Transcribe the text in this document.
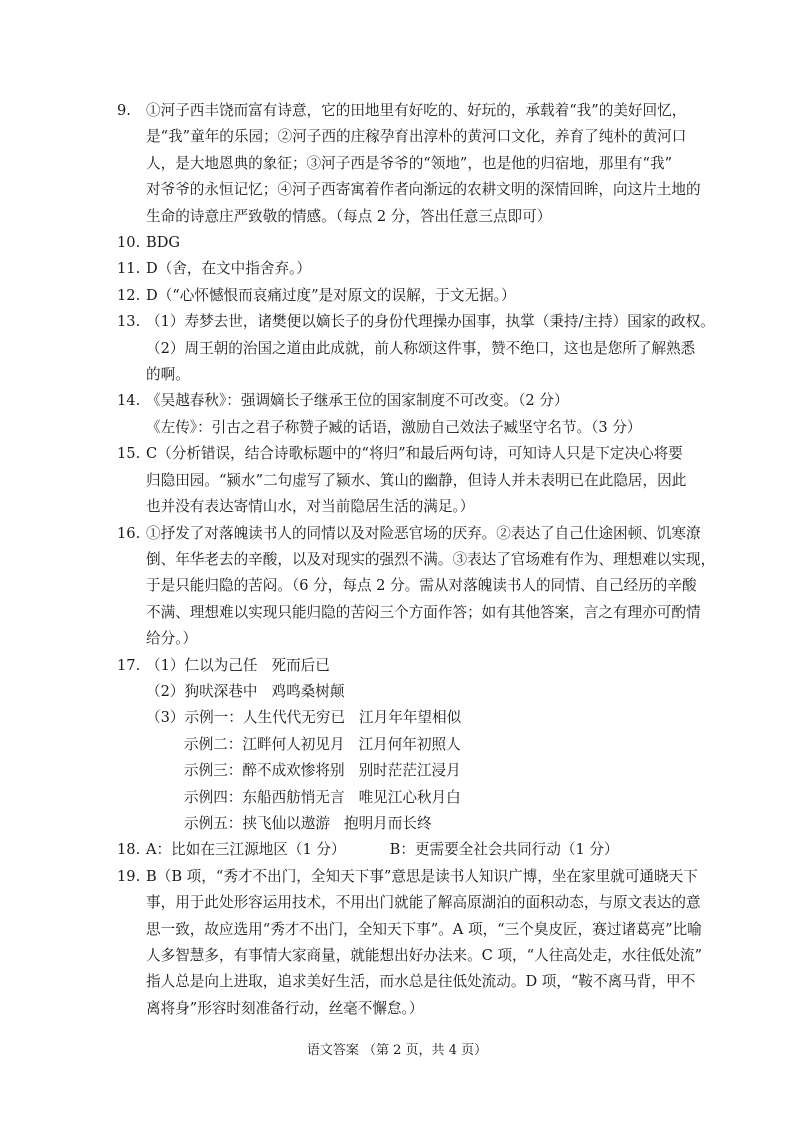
9. ①河子西丰饶而富有诗意，它的田地里有好吃的、好玩的，承载着“我”的美好回忆，
是“我”童年的乐园；②河子西的庄稼孕育出淳朴的黄河口文化，养育了纯朴的黄河口
人，是大地恩典的象征；③河子西是爷爷的“领地”，也是他的归宿地，那里有“我”
对爷爷的永恒记忆；④河子西寄寓着作者向渐远的农耕文明的深情回眸，向这片土地的
生命的诗意庄严致敬的情感。（每点 2 分，答出任意三点即可）
10. BDG
11. D（舍，在文中指舍弃。）
12. D（“心怀憾恨而哀痛过度”是对原文的误解，于文无据。）
13. （1）寿梦去世，诸樊便以嫡长子的身份代理操办国事，执掌（秉持/主持）国家的政权。
（2）周王朝的治国之道由此成就，前人称颂这件事，赞不绝口，这也是您所了解熟悉
的啊。
14. 《吴越春秋》：强调嫡长子继承王位的国家制度不可改变。（2 分）
《左传》：引古之君子称赞子臧的话语，激励自己效法子臧坚守名节。（3 分）
15. C（分析错误，结合诗歌标题中的“将归”和最后两句诗，可知诗人只是下定决心将要
归隐田园。“颍水”二句虚写了颍水、箕山的幽静，但诗人并未表明已在此隐居，因此
也并没有表达寄情山水，对当前隐居生活的满足。）
16. ①抒发了对落魄读书人的同情以及对险恶官场的厌弃。②表达了自己仕途困顿、饥寒潦
倒、年华老去的辛酸，以及对现实的强烈不满。③表达了官场难有作为、理想难以实现，
于是只能归隐的苦闷。（6 分，每点 2 分。需从对落魄读书人的同情、自己经历的辛酸
不满、理想难以实现只能归隐的苦闷三个方面作答；如有其他答案，言之有理亦可酌情
给分。）
17. （1）仁以为己任 死而后已
（2）狗吠深巷中 鸡鸣桑树颠
（3）示例一：人生代代无穷已 江月年年望相似
示例二：江畔何人初见月 江月何年初照人
示例三：醉不成欢惨将别 别时茫茫江浸月
示例四：东船西舫悄无言 唯见江心秋月白
示例五：挟飞仙以遨游 抱明月而长终
18. A：比如在三江源地区（1 分）	B：更需要全社会共同行动（1 分）
19. B（B 项，“秀才不出门，全知天下事”意思是读书人知识广博，坐在家里就可通晓天下
事，用于此处形容运用技术，不用出门就能了解高原湖泊的面积动态，与原文表达的意
思一致，故应选用“秀才不出门，全知天下事”。A 项，“三个臭皮匠，赛过诸葛亮”比喻
人多智慧多，有事情大家商量，就能想出好办法来。C 项，“人往高处走，水往低处流”
指人总是向上进取，追求美好生活，而水总是往低处流动。D 项，“鞍不离马背，甲不
离将身”形容时刻准备行动，丝毫不懈怠。）
语文答案 （第 2 页，共 4 页）
